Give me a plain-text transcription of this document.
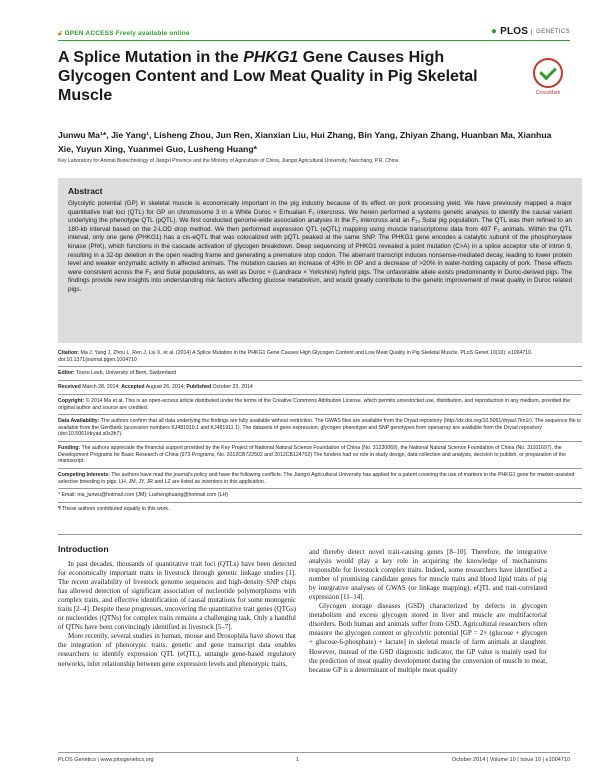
🔓︎ OPEN ACCESS Freely available online	● PLOS	GENETICS
A Splice Mutation in the PHKG1 Gene Causes High Glycogen Content and Low Meat Quality in Pig Skeletal Muscle	CrossMark

Junwu Ma¹*, Jie Yang¹, Lisheng Zhou, Jun Ren, Xianxian Liu, Hui Zhang, Bin Yang, Zhiyan Zhang, Huanban Ma, Xianhua Xie, Yuyun Xing, Yuanmei Guo, Lusheng Huang*

Key Laboratory for Animal Biotechnology of Jiangxi Province and the Ministry of Agriculture of China, Jiangxi Agricultural University, Nanchang, P.R. China

Abstract

Glycolytic potential (GP) in skeletal muscle is economically important in the pig industry because of its effect on pork processing yield. We have previously mapped a major quantitative trait loci (QTL) for GP on chromosome 3 in a White Duroc × Erhualian F₂ intercross. We herein performed a systems genetic analysis to identify the causal variant underlying the phenotype QTL (pQTL). We first conducted genome-wide association analyses in the F₂ intercross and an F₁₉ Sutai pig population. The QTL was then refined to an 180-kb interval based on the 2-LOD drop method. We then performed expression QTL (eQTL) mapping using muscle transcriptome data from 497 F₂ animals. Within the QTL interval, only one gene (PHKG1) has a cis-eQTL that was colocalized with pQTL peaked at the same SNP. The PHKG1 gene encodes a catalytic subunit of the phosphorylase kinase (PhK), which functions in the cascade activation of glycogen breakdown. Deep sequencing of PHKG1 revealed a point mutation (C>A) in a splice acceptor site of intron 9, resulting in a 32-bp deletion in the open reading frame and generating a premature stop codon. The aberrant transcript induces nonsense-mediated decay, leading to lower protein level and weaker enzymatic activity in affected animals. The mutation causes an increase of 43% in GP and a decrease of >20% in water-holding capacity of pork. These effects were consistent across the F₂ and Sutai populations, as well as Duroc × (Landrace × Yorkshire) hybrid pigs. The unfavorable allele exists predominantly in Duroc-derived pigs. The findings provide new insights into understanding risk factors affecting glucose metabolism, and would greatly contribute to the genetic improvement of meat quality in Duroc related pigs.

Citation: Ma J, Yang J, Zhou L, Ren J, Liu X, et al. (2014) A Splice Mutation in the PHKG1 Gene Causes High Glycogen Content and Low Meat Quality in Pig Skeletal Muscle. PLoS Genet 10(10): e1004710. doi:10.1371/journal.pgen.1004710

Editor: Tosso Leeb, University of Bern, Switzerland

Received March 28, 2014; Accepted August 26, 2014; Published October 23, 2014

Copyright: © 2014 Ma et al. This is an open-access article distributed under the terms of the Creative Commons Attribution License, which permits unrestricted use, distribution, and reproduction in any medium, provided the original author and source are credited.

Data Availability: The authors confirm that all data underlying the findings are fully available without restriction. The GWAS files are available from the Dryad repository (http://dx.doi.org/10.5061/dryad.7kn1r). The sequence file is available from the GenBank (accession numbers KJ481910.1 and KJ481911.1). The datasets of gene expression, glycogen phenotype and SNP genotypes from openarray are available from the Dryad repository (doi:10.5061/dryad.s0s3h7).

Funding: The authors appreciate the financial support provided by the Key Project of National Natural Science Foundation of China (No. 31230069), the National Natural Science Foundation of China (No. 31101697), the Development Programs for Basic Research of China (973 Programs, No. 2012CB722502 and 2012CB124702) The funders had no role in study design, data collection and analysis, decision to publish, or preparation of the manuscript.

Competing Interests: The authors have read the journal's policy and have the following conflicts: The Jiangxi Agricultural University has applied for a patent covering the use of markers in the PHKG1 gene for marker-assisted selective breeding in pigs. LH, JM, JY, JR and LZ are listed as inventors in this application.

* Email: ma_junwu@hotmail.com (JM); Lushenghuang@hotmail.com (LH)

¶ These authors contributed equally to this work.

Introduction

In past decades, thousands of quantitative trait loci (QTLs) have been detected for economically important traits in livestock through genetic linkage studies [1]. The recent availability of livestock genome sequences and high-density SNP chips has allowed detection of significant association of nucleotide polymorphisms with complex traits, and effective identification of causal mutations for some monogenic traits [2–4]. Despite these progresses, uncovering the quantitative trait genes (QTGs) or nucleotides (QTNs) for complex traits remains a challenging task. Only a handful of QTNs have been convincingly identified in livestock [5–7].

More recently, several studies in human, mouse and Drosophila have shown that the integration of phenotypic traits, genetic and gene transcript data enables researchers to identify expression QTL (eQTL), untangle gene-based regulatory networks, infer relationship between gene expression levels and phenotypic traits,

and thereby detect novel trait-causing genes [8–10]. Therefore, the integrative analysis would play a key role in acquiring the knowledge of mechanisms responsible for livestock complex traits. Indeed, some researchers have identified a number of promising candidate genes for muscle traits and blood lipid traits of pig by integrative analyses of GWAS (or linkage mapping), eQTL and trait-correlated expression [11–14].

Glycogen storage diseases (GSD) characterized by defects in glycogen metabolism and excess glycogen stored in liver and muscle are multifactorial disorders. Both human and animals suffer from GSD. Agricultural researchers often measure the glycogen content or glycolytic potential [GP = 2× (glucose + glycogen + glucose-6-phosphate) + lactate] in skeletal muscle of farm animals at slaughter. However, instead of the GSD diagnostic indicator, the GP value is mainly used for the prediction of meat quality development during the conversion of muscle to meat, because GP is a determinant of multiple meat quality

PLOS Genetics | www.plosgenetics.org	1	October 2014 | Volume 10 | Issue 10 | e1004710
